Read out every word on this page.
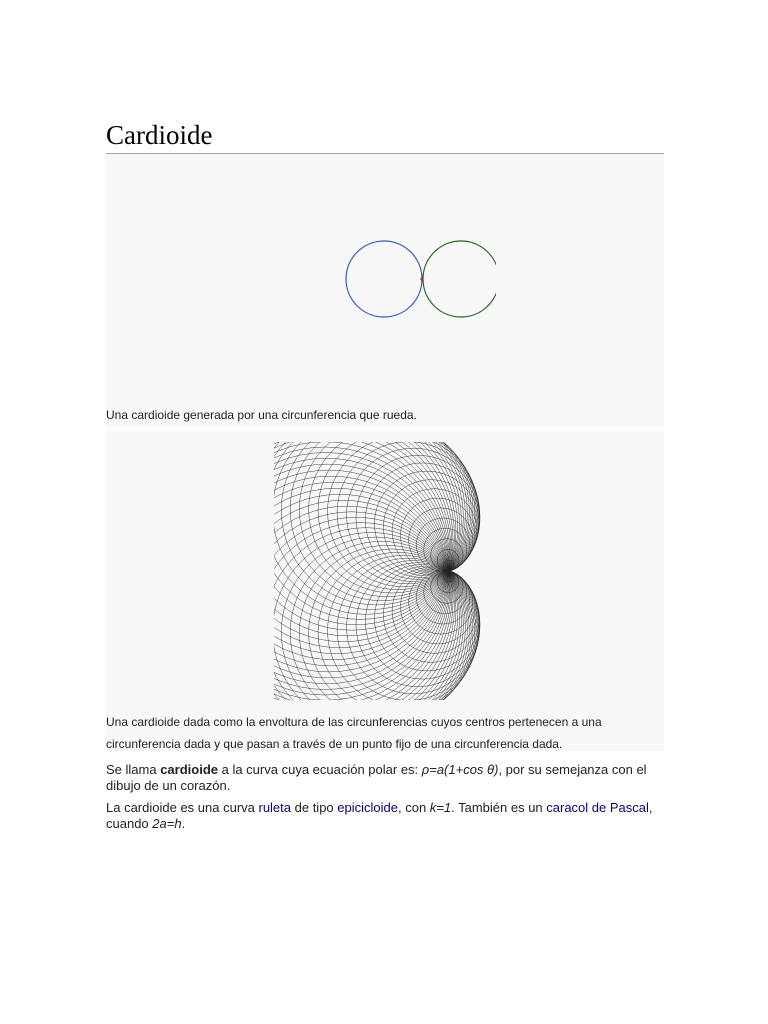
Cardioide

Una cardioide generada por una circunferencia que rueda.

Una cardioide dada como la envoltura de las circunferencias cuyos centros pertenecen a una circunferencia dada y que pasan a través de un punto fijo de una circunferencia dada.

Se llama cardioide a la curva cuya ecuación polar es: ρ=a(1+cos θ), por su semejanza con el dibujo de un corazón.

La cardioide es una curva ruleta de tipo epicicloide, con k=1. También es un caracol de Pascal, cuando 2a=h.
